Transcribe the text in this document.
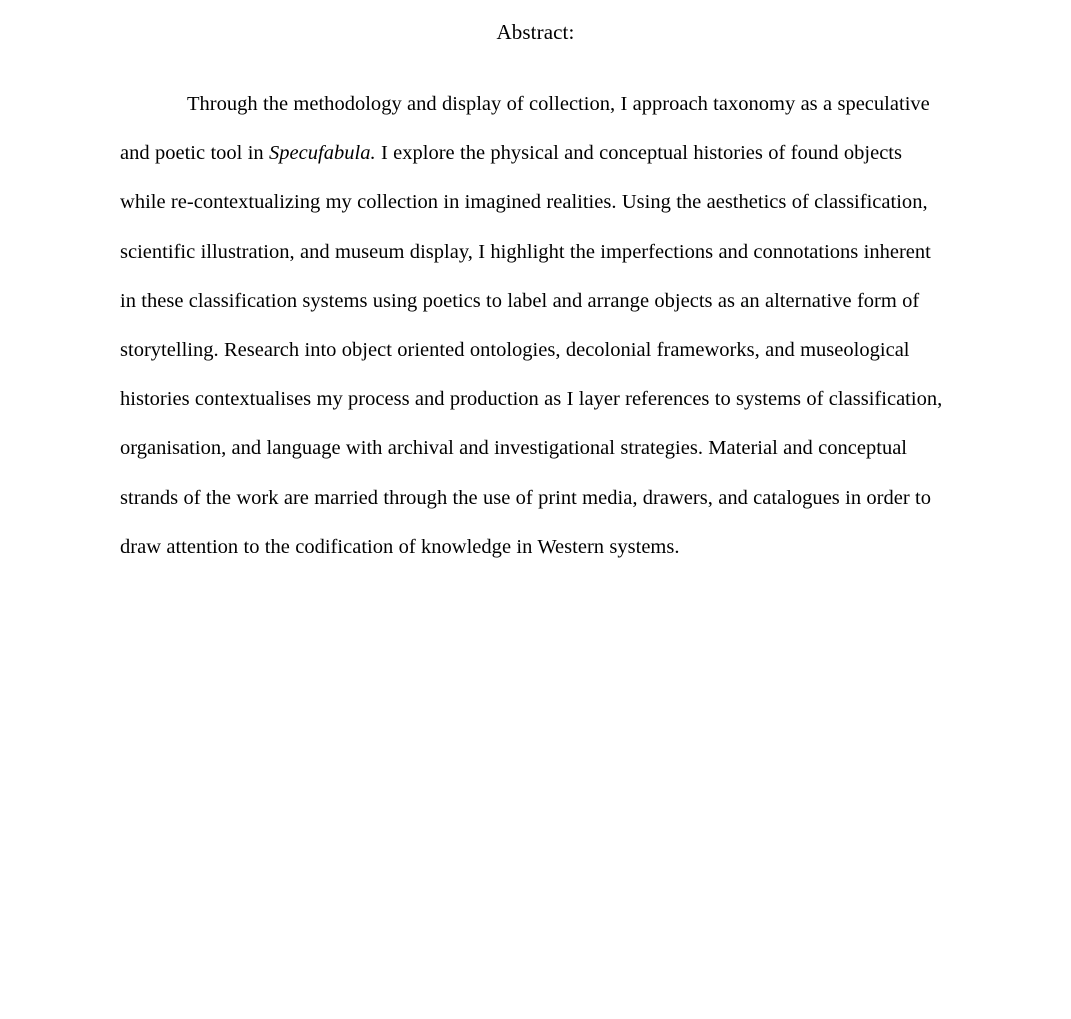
Abstract:

Through the methodology and display of collection, I approach taxonomy as a speculative and poetic tool in Specufabula. I explore the physical and conceptual histories of found objects while re-contextualizing my collection in imagined realities. Using the aesthetics of classification, scientific illustration, and museum display, I highlight the imperfections and connotations inherent in these classification systems using poetics to label and arrange objects as an alternative form of storytelling. Research into object oriented ontologies, decolonial frameworks, and museological histories contextualises my process and production as I layer references to systems of classification, organisation, and language with archival and investigational strategies. Material and conceptual strands of the work are married through the use of print media, drawers, and catalogues in order to draw attention to the codification of knowledge in Western systems.
